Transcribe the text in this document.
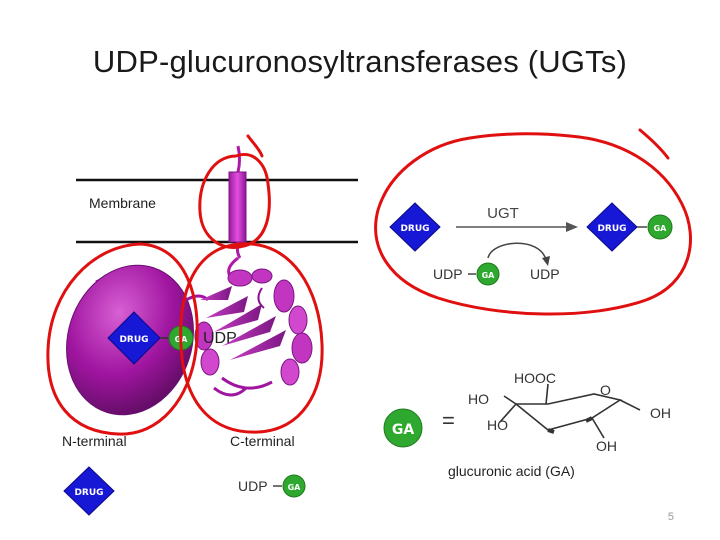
UDP-glucuronosyltransferases (UGTs)
DRUG	GA UDP
DRUG
UGT
UDP GA	UDP
DRUG	GA
GA =
HOOC
HO
HO
O
OH
OH
DRUG	UDP	GA
5
Membrane
N-terminal	C-terminal
glucuronic acid (GA)
